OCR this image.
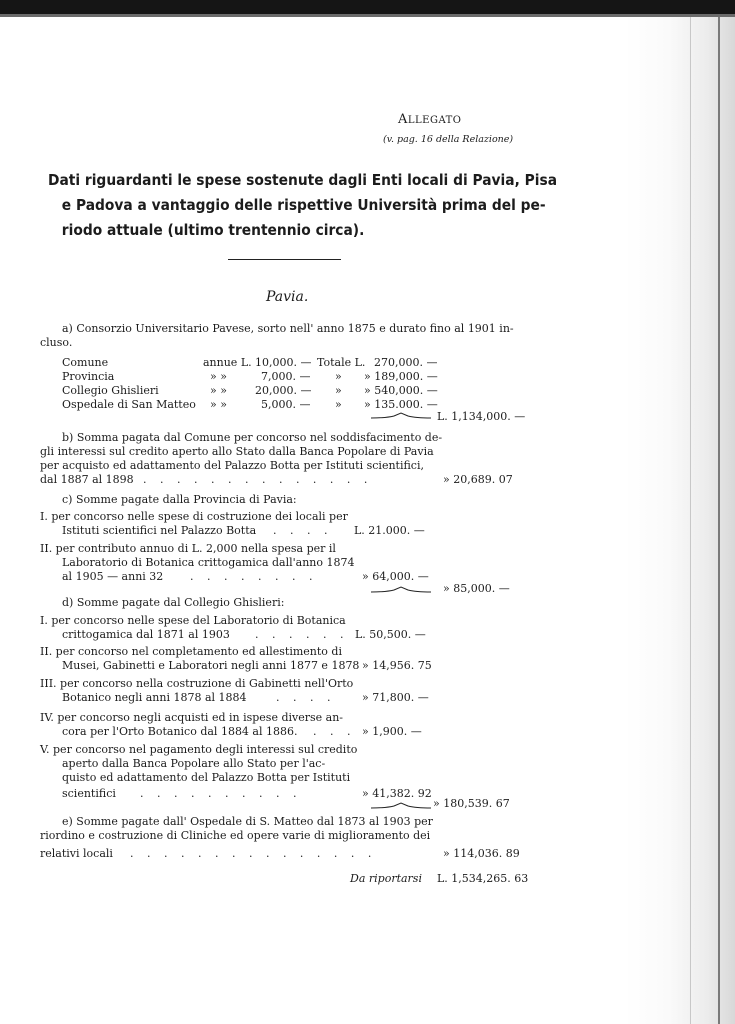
ALLEGATO
(v. pag. 16 della Relazione)
Dati riguardanti le spese sostenute dagli Enti locali di Pavia, Pisa
e Padova a vantaggio delle rispettive Università prima del pe-
riodo attuale (ultimo trentennio circa).
Pavia.
a) Consorzio Universitario Pavese, sorto nell' anno 1875 e durato fino al 1901 in-
cluso.
Comune	annue L. 10,000. — Totale L. 270,000. —
Provincia	» »	7,000. — » » 189,000. —
Collegio Ghislieri	» »	20,000. — » » 540,000. —
Ospedale di San Matteo » »	5,000. — » » 135.000. —
L. 1,134,000. —
b) Somma pagata dal Comune per concorso nel soddisfacimento de-
gli interessi sul credito aperto allo Stato dalla Banca Popolare di Pavia
per acquisto ed adattamento del Palazzo Botta per Istituti scientifici,
dal 1887 al 1898 . . . . . . . . . . . . . .	» 20,689. 07
c) Somme pagate dalla Provincia di Pavia:
I. per concorso nelle spese di costruzione dei locali per
Istituti scientifici nel Palazzo Botta . . . . L. 21.000. —
II. per contributo annuo di L. 2,000 nella spesa per il
Laboratorio di Botanica crittogamica dall'anno 1874
al 1905 — anni 32 . . . . . . . .	» 64,000. —
» 85,000. —
d) Somme pagate dal Collegio Ghislieri:
I. per concorso nelle spese del Laboratorio di Botanica
crittogamica dal 1871 al 1903 . . . . . . L. 50,500. —
II. per concorso nel completamento ed allestimento di
Musei, Gabinetti e Laboratori negli anni 1877 e 1878 » 14,956. 75
III. per concorso nella costruzione di Gabinetti nell'Orto
Botanico negli anni 1878 al 1884	. . . . » 71,800. —
IV. per concorso negli acquisti ed in ispese diverse an-
cora per l'Orto Botanico dal 1884 al 1886. . . . » 1,900. —
V. per concorso nel pagamento degli interessi sul credito
aperto dalla Banca Popolare allo Stato per l'ac-
quisto ed adattamento del Palazzo Botta per Istituti
scientifici . . . . . . . . . .	» 41,382. 92
» 180,539. 67
e) Somme pagate dall' Ospedale di S. Matteo dal 1873 al 1903 per
riordino e costruzione di Cliniche ed opere varie di miglioramento dei
relativi locali . . . . . . . . . . . . . . .	» 114,036. 89
Da riportarsi L. 1,534,265. 63
